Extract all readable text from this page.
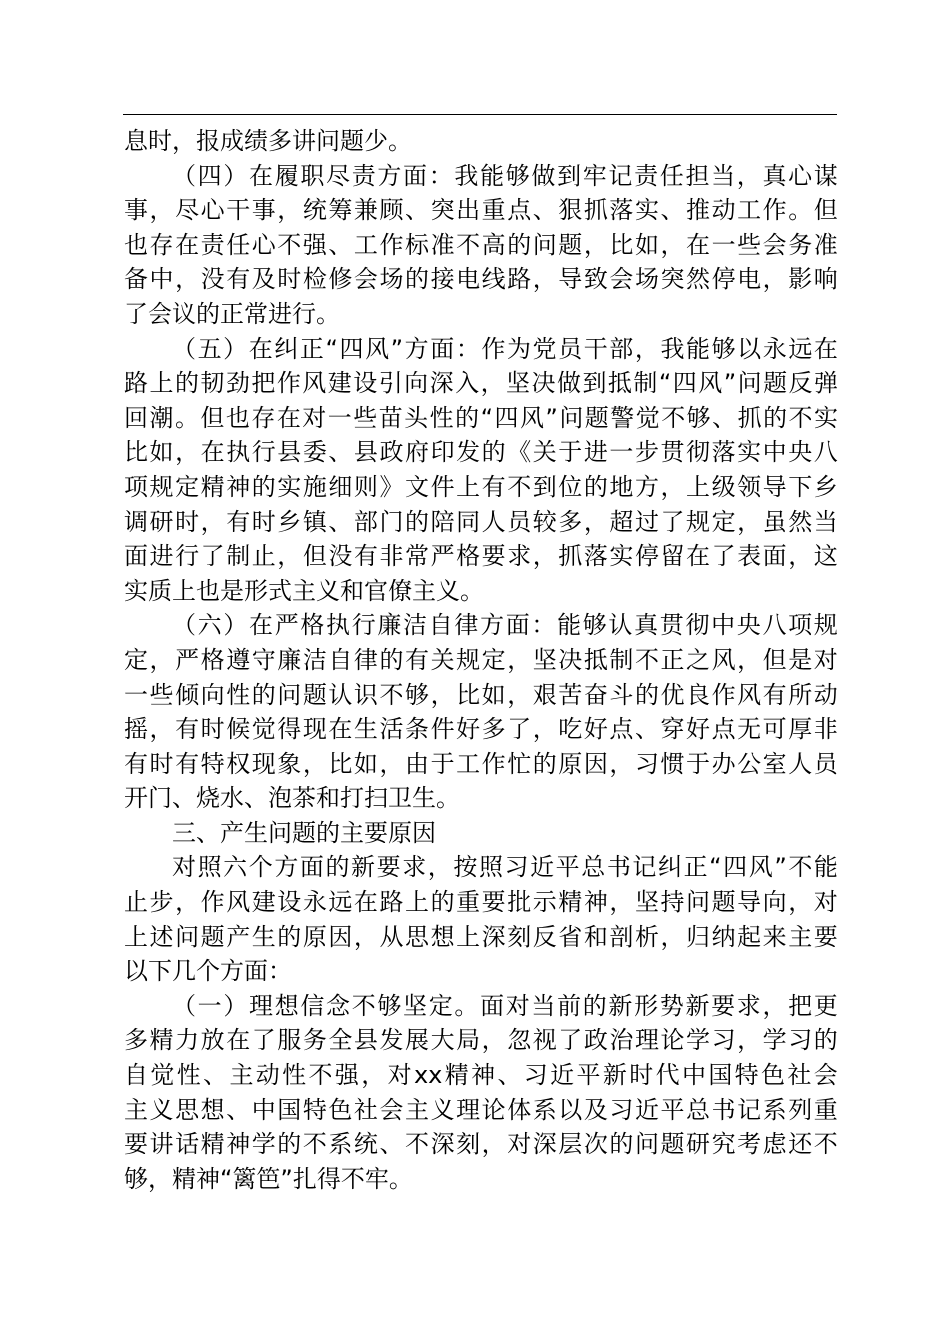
息时，报成绩多讲问题少。
（ 四 ） 在 履 职 尽 责 方 面 ： 我 能 够 做 到 牢 记 责 任 担 当 ， 真 心 谋
事 ， 尽 心 干 事 ， 统 筹 兼 顾 、 突 出 重 点 、 狠 抓 落 实 、 推 动 工 作 。 但
也 存 在 责 任 心 不 强 、 工 作 标 准 不 高 的 问 题 ， 比 如 ， 在 一 些 会 务 准
备 中 ， 没 有 及 时 检 修 会 场 的 接 电 线 路 ， 导 致 会 场 突 然 停 电 ， 影 响
了会议的正常进行。
（ 五 ） 在 纠 正 “ 四 风 ” 方 面 ： 作 为 党 员 干 部 ， 我 能 够 以 永 远 在
路 上 的 韧 劲 把 作 风 建 设 引 向 深 入 ， 坚 决 做 到 抵 制 “ 四 风 ” 问 题 反 弹
回 潮 。 但 也 存 在 对 一 些 苗 头 性 的 “ 四 风 ” 问 题 警 觉 不 够 、 抓 的 不 实
比 如 ， 在 执 行 县 委 、 县 政 府 印 发 的 《 关 于 进 一 步 贯 彻 落 实 中 央 八
项 规 定 精 神 的 实 施 细 则 》 文 件 上 有 不 到 位 的 地 方 ， 上 级 领 导 下 乡
调 研 时 ， 有 时 乡 镇 、 部 门 的 陪 同 人 员 较 多 ， 超 过 了 规 定 ， 虽 然 当
面 进 行 了 制 止 ， 但 没 有 非 常 严 格 要 求 ， 抓 落 实 停 留 在 了 表 面 ， 这
实质上也是形式主义和官僚主义。
（ 六 ） 在 严 格 执 行 廉 洁 自 律 方 面 ： 能 够 认 真 贯 彻 中 央 八 项 规
定 ， 严 格 遵 守 廉 洁 自 律 的 有 关 规 定 ， 坚 决 抵 制 不 正 之 风 ， 但 是 对
一 些 倾 向 性 的 问 题 认 识 不 够 ， 比 如 ， 艰 苦 奋 斗 的 优 良 作 风 有 所 动
摇 ， 有 时 候 觉 得 现 在 生 活 条 件 好 多 了 ， 吃 好 点 、 穿 好 点 无 可 厚 非
有 时 有 特 权 现 象 ， 比 如 ， 由 于 工 作 忙 的 原 因 ， 习 惯 于 办 公 室 人 员
开门、烧水、泡茶和打扫卫生。
三、产生问题的主要原因
对 照 六 个 方 面 的 新 要 求 ， 按 照 习 近 平 总 书 记 纠 正 “ 四 风 ” 不 能
止 步 ， 作 风 建 设 永 远 在 路 上 的 重 要 批 示 精 神 ， 坚 持 问 题 导 向 ， 对
上 述 问 题 产 生 的 原 因 ， 从 思 想 上 深 刻 反 省 和 剖 析 ， 归 纳 起 来 主 要
以下几个方面：
（ 一 ） 理 想 信 念 不 够 坚 定 。 面 对 当 前 的 新 形 势 新 要 求 ， 把 更
多 精 力 放 在 了 服 务 全 县 发 展 大 局 ， 忽 视 了 政 治 理 论 学 习 ， 学 习 的
自 觉 性 、 主 动 性 不 强 ， 对 xx 精 神 、 习 近 平 新 时 代 中 国 特 色 社 会
主 义 思 想 、 中 国 特 色 社 会 主 义 理 论 体 系 以 及 习 近 平 总 书 记 系 列 重
要 讲 话 精 神 学 的 不 系 统 、 不 深 刻 ， 对 深 层 次 的 问 题 研 究 考 虑 还 不
够，精神“篱笆”扎得不牢。
